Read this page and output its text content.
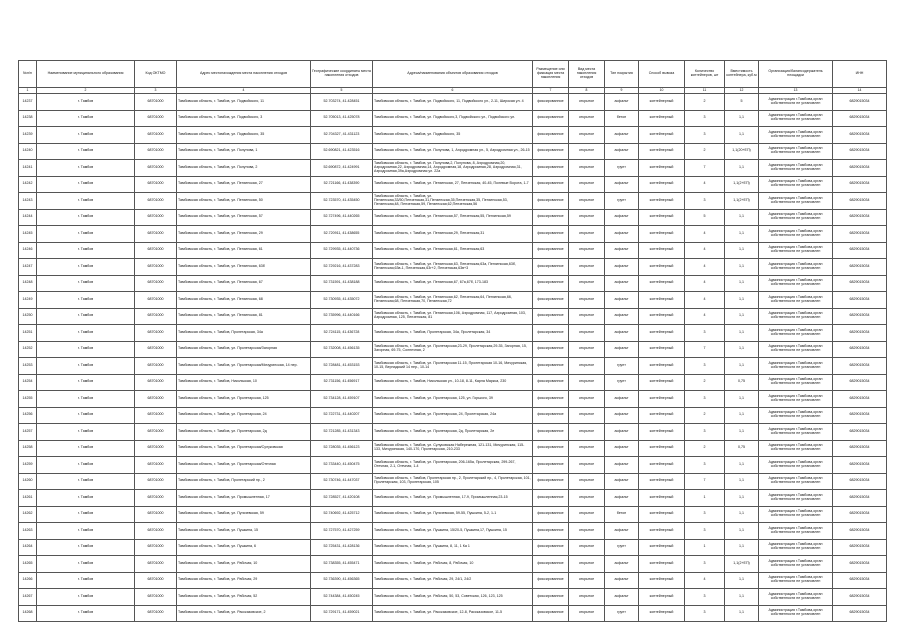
№п/п	Наименование муниципального образования	Код ОКТМО	Адрес местонахождения места накопления отходов	Географические координаты места накопления отходов	Адреса/наименования объектов образования отходов	Размещение или фиксация места накопления	Вид места накопления отходов	Тип покрытия	Способ вывоза	Количество контейнеров, шт	Вместимость контейнера, куб.м	Организация/балансодержатель площадки	ИНН
1	2	3	4	5	6	7	8	9	10	11	12	13	14
14237	г. Тамбов	68701000	Тамбовская область, г. Тамбов, ул. Подвойского, 11	52.703274, 41.428451	Тамбовская область, г. Тамбов, ул. Подвойского, 11, Подвойского ул., 2-11, Широкая ул. 4	фиксированное	открытое	асфальт	контейнерный	2	5	Администрация г.Тамбова,орган собственности не установлен	6829015034
14238	г. Тамбов	68701000	Тамбовская область, г. Тамбов, ул. Подвойского, 3	52.705013, 41.425078	Тамбовская область, г. Тамбов, ул. Подвойского,3, Подвойского ул., Подвойского ул.	фиксированное	открытое	бетон	контейнерный	3	1,1	Администрация г.Тамбова,орган собственности не установлен	6829015034
14239	г. Тамбов	68701000	Тамбовская область, г. Тамбов, ул. Подвойского, 35	52.704327, 41.431123	Тамбовская область, г. Тамбов, ул. Подвойского, 35	фиксированное	открытое	асфальт	контейнерный	3	1,1	Администрация г.Тамбова,орган собственности не установлен	6829015034
14240	г. Тамбов	68701000	Тамбовская область, г. Тамбов, ул. Полунова, 1	52.690821, 41.423516	Тамбовская область, г. Тамбов, ул. Полунова, 1, Аэродромная ул., 5, Аэродромная ул., 26-15	фиксированное	открытое	асфальт	контейнерный	2	1,1(20+ЕП)	Администрация г.Тамбова,орган собственности не установлен	6829015034
14241	г. Тамбов	68701000	Тамбовская область, г. Тамбов, ул. Полунова, 2	52.690872, 41.424991	Тамбовская область, г. Тамбов, ул. Полунова,2, Полунова, 8, Аэродромная,20, Аэродромная,22, Аэродромная,14, Аэродромная,18, Аэродромная,28, Аэродромная,31, Аэродромная,39а,Аэродромная ул. 22а	фиксированное	открытое	грунт	контейнерный	7	1,1	Администрация г.Тамбова,орган собственности не установлен	6829015034
14242	г. Тамбов	68701000	Тамбовская область, г. Тамбов, ул. Пензенская, 27	52.721166, 41.438390	Тамбовская область, г. Тамбов, ул. Пензенская, 27, Пензенская, 40-45, Полевые Ворота, 1-7	фиксированное	открытое	асфальт	контейнерный	4	1,1(2+ЕП)	Администрация г.Тамбова,орган собственности не установлен	6829015034
14243	г. Тамбов	68701000	Тамбовская область, г. Тамбов, ул. Пензенская, 50	52.723570, 41.435450	Тамбовская область, г. Тамбов, ул. Пензенская,33/50,Пензенская,31,Пензенская,35,Пензенская,35, Пензенская,53, Пензенская,48, Пензенская,59, Пензенская,62,Пензенская,56	фиксированное	открытое	грунт	контейнерный	3	1,1(2+ЕП)	Администрация г.Тамбова,орган собственности не установлен	6829015034
14244	г. Тамбов	68701000	Тамбовская область, г. Тамбов, ул. Пензенская, 57	52.727496, 41.440265	Тамбовская область, г. Тамбов, ул. Пензенская,57, Пензенская,55, Пензенская,59	фиксированное	открытое	асфальт	контейнерный	5	1,1	Администрация г.Тамбова,орган собственности не установлен	6829015034
14245	г. Тамбов	68701000	Тамбовская область, г. Тамбов, ул. Пензенская, 29	52.720911, 41.438655	Тамбовская область, г. Тамбов, ул. Пензенская,29, Пензенская,31	фиксированное	открытое	асфальт	контейнерный	4	1,1	Администрация г.Тамбова,орган собственности не установлен	6829015034
14246	г. Тамбов	68701000	Тамбовская область, г. Тамбов, ул. Пензенская, 61	52.729935, 41.440736	Тамбовская область, г. Тамбов, ул. Пензенская,61, Пензенская,63	фиксированное	открытое	асфальт	контейнерный	4	1,1	Администрация г.Тамбова,орган собственности не установлен	6829015034
14247	г. Тамбов	68701000	Тамбовская область, г. Тамбов, ул. Пензенская, 63б	52.729216, 41.437283	Тамбовская область, г. Тамбов, ул. Пензенская,63, Пензенская,63а, Пензенская,63б, Пензенская,63в-1, Пензенская,63г+2, Пензенская,63в+3	фиксированное	открытое	асфальт	контейнерный	4	1,1	Администрация г.Тамбова,орган собственности не установлен	6829015034
14248	г. Тамбов	68701000	Тамбовская область, г. Тамбов, ул. Пензенская, 67	52.731591, 41.438188	Тамбовская область, г. Тамбов, ул. Пензенская,67, 67а,67б, 173-183	фиксированное	открытое	асфальт	контейнерный	4	1,1	Администрация г.Тамбова,орган собственности не установлен	6829015034
14249	г. Тамбов	68701000	Тамбовская область, г. Тамбов, ул. Пензенская, 68	52.730935, 41.435072	Тамбовская область, г. Тамбов, ул. Пензенская,62, Пензенская,64, Пензенская,66, Пензенская,68, Пензенская,70, Пензенская,72	фиксированное	открытое	асфальт	контейнерный	4	1,1	Администрация г.Тамбова,орган собственности не установлен	6829015034
14250	г. Тамбов	68701000	Тамбовская область, г. Тамбов, ул. Пензенская, 81	52.735996, 41.440166	Тамбовская область, г. Тамбов, ул. Пензенская,106, Аэродромная, 117, Аэродромная, 103, Аэродромная, 125, Пензенская, 81	фиксированное	открытое	асфальт	контейнерный	4	1,1	Администрация г.Тамбова,орган собственности не установлен	6829015034
14251	г. Тамбов	68701000	Тамбовская область, г. Тамбов, Пролетарская, 34а	52.724115, 41.436728	Тамбовская область, г. Тамбов, Пролетарская, 34а, Пролетарская, 34	фиксированное	открытое	асфальт	контейнерный	3	1,1	Администрация г.Тамбова,орган собственности не установлен	6829015034
14252	г. Тамбов	68701000	Тамбовская область, г. Тамбов, ул. Пролетарская/Загорная	52.732008, 41.456135	Тамбовская область, г. Тамбов, ул. Пролетарская,23-29, Пролетарская,29-35, Загорная, 15, Загорная, 69-75, Солнечная, 2	фиксированное	открытое	асфальт	контейнерный	7	1,1	Администрация г.Тамбова,орган собственности не установлен	6829015034
14253	г. Тамбов	68701000	Тамбовская область, г. Тамбов, ул. Пролетарская/Мичуринская, 14 пер.	52.728481, 41.453153	Тамбовская область, г. Тамбов, ул. Пролетарская 11-15, Пролетарская 10-16, Мичуринская, 10-15, Вернадский 14 пер., 10-14	фиксированное	открытое	грунт	контейнерный	3	1,1	Администрация г.Тамбова,орган собственности не установлен	6829015034
14254	г. Тамбов	68701000	Тамбовская область, г. Тамбов, Никольская, 10	52.731156, 41.456917	Тамбовская область, г. Тамбов, Никольская ул., 10-18, 8-11, Карла Маркса, 230	фиксированное	открытое	грунт	контейнерный	2	0,75	Администрация г.Тамбова,орган собственности не установлен	6829015034
14255	г. Тамбов	68701000	Тамбовская область, г. Тамбов, ул. Пролетарская, 125	52.734128, 41.459107	Тамбовская область, г. Тамбов, ул. Пролетарская, 125, ул. Горького, 39	фиксированное	открытое	асфальт	контейнерный	3	1,1	Администрация г.Тамбова,орган собственности не установлен	6829015034
14256	г. Тамбов	68701000	Тамбовская область, г. Тамбов, ул. Пролетарская, 24	52.722731, 41.440207	Тамбовская область, г. Тамбов, ул. Пролетарская, 24, Пролетарская, 24а	фиксированное	открытое	асфальт	контейнерный	2	1,1	Администрация г.Тамбова,орган собственности не установлен	6829015034
14257	г. Тамбов	68701000	Тамбовская область, г. Тамбов, ул. Пролетарская, 2д	52.721285, 41.431343	Тамбовская область, г. Тамбов, ул. Пролетарская, 2д, Пролетарская, 2е	фиксированное	открытое	асфальт	контейнерный	3	1,1	Администрация г.Тамбова,орган собственности не установлен	6829015034
14258	г. Тамбов	68701000	Тамбовская область, г. Тамбов, ул. Пролетарская/Сулуковская	52.728035, 41.456123	Тамбовская область, г. Тамбов, ул. Сулуковская Набережная, 121-131, Мичуринская, 115-133, Мичуринская, 140-170, Пролетарская, 210-233	фиксированное	открытое	асфальт	контейнерный	2	0,75	Администрация г.Тамбова,орган собственности не установлен	6829015034
14259	г. Тамбов	68701000	Тамбовская область, г. Тамбов, ул. Пролетарская/Отечная	52.733440, 41.450475	Тамбовская область, г. Тамбов, ул. Пролетарская, 206-165а, Пролетарская, 299-267, Отечная, 2-1, Отечная, 1-4	фиксированное	открытое	асфальт	контейнерный	3	1,1	Администрация г.Тамбова,орган собственности не установлен	6829015034
14260	г. Тамбов	68701000	Тамбовская область, г. Тамбов, Пролетарский пр., 2	52.730746, 41.447037	Тамбовская область, г. Тамбов, Пролетарская пр., 2, Пролетарский пр., 4, Пролетарская, 101, Пролетарская, 103, Пролетарская, 105	фиксированное	открытое	асфальт	контейнерный	7	1,1	Администрация г.Тамбова,орган собственности не установлен	6829015034
14261	г. Тамбов	68701000	Тамбовская область, г. Тамбов, ул. Промышленная, 17	52.728527, 41.420108	Тамбовская область, г. Тамбов, ул. Промышленная, 17-9, Промышленная,23-15	фиксированное	открытое	асфальт	контейнерный	1	1,1	Администрация г.Тамбова,орган собственности не установлен	6829015034
14262	г. Тамбов	68701000	Тамбовская область, г. Тамбов, ул. Пугачевская, 59	52.740692, 41.425712	Тамбовская область, г. Тамбов, ул. Пугачевская, 59-55, Пушкина, 5-2, 1-1	фиксированное	открытое	бетон	контейнерный	3	1,1	Администрация г.Тамбова,орган собственности не установлен	6829015034
14263	г. Тамбов	68701000	Тамбовская область, г. Тамбов, ул. Пушкина, 15	52.727570, 41.427259	Тамбовская область, г. Тамбов, ул. Пушкина, 15/20-5, Пушкина,17, Пушкина, 15	фиксированное	открытое	асфальт	контейнерный	3	1,1	Администрация г.Тамбова,орган собственности не установлен	6829015034
14264	г. Тамбов	68701000	Тамбовская область, г. Тамбов, ул. Пушкина, 6	52.725431, 41.428136	Тамбовская область, г. Тамбов, ул. Пушкина, 8, 11, 1 Ка 1	фиксированное	открытое	грунт	контейнерный	1	1,1	Администрация г.Тамбова,орган собственности не установлен	6829015034
14265	г. Тамбов	68701000	Тамбовская область, г. Тамбов, ул. Рабочая, 10	52.738355, 41.455471	Тамбовская область, г. Тамбов, ул. Рабочая, 8, Рабочая, 10	фиксированное	открытое	асфальт	контейнерный	3	1,1(2+ЕП)	Администрация г.Тамбова,орган собственности не установлен	6829015034
14266	г. Тамбов	68701000	Тамбовская область, г. Тамбов, ул. Рабочая, 29	52.736390, 41.456365	Тамбовская область, г. Тамбов, ул. Рабочая, 29, 24/1, 24/2	фиксированное	открытое	асфальт	контейнерный	4	1,1	Администрация г.Тамбова,орган собственности не установлен	6829015034
14267	г. Тамбов	68701000	Тамбовская область, г. Тамбов, ул. Рабочая, 52	52.744384, 41.450245	Тамбовская область, г. Тамбов, ул. Рабочая, 50, 53, Советская, 126, 123, 125	фиксированное	открытое	асфальт	контейнерный	3	1,1	Администрация г.Тамбова,орган собственности не установлен	6829015034
14268	г. Тамбов	68701000	Тамбовская область, г. Тамбов, ул. Рассказовское, 2	52.729171, 41.459021	Тамбовская область, г. Тамбов, ул. Рассказовское, 12-8, Рассказовское, 11-5	фиксированное	открытое	грунт	контейнерный	3	1,1	Администрация г.Тамбова,орган собственности не установлен	6829015034
